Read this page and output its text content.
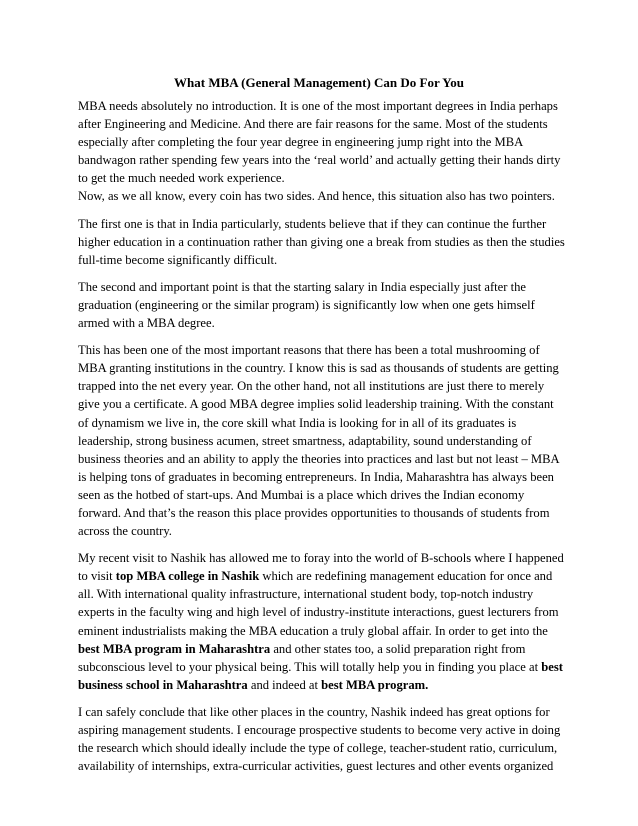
What MBA (General Management) Can Do For You
MBA needs absolutely no introduction. It is one of the most important degrees in India perhaps
after Engineering and Medicine. And there are fair reasons for the same. Most of the students
especially after completing the four year degree in engineering jump right into the MBA
bandwagon rather spending few years into the ‘real world’ and actually getting their hands dirty
to get the much needed work experience.
Now, as we all know, every coin has two sides. And hence, this situation also has two pointers.
The first one is that in India particularly, students believe that if they can continue the further
higher education in a continuation rather than giving one a break from studies as then the studies
full-time become significantly difficult.
The second and important point is that the starting salary in India especially just after the
graduation (engineering or the similar program) is significantly low when one gets himself
armed with a MBA degree.
This has been one of the most important reasons that there has been a total mushrooming of
MBA granting institutions in the country. I know this is sad as thousands of students are getting
trapped into the net every year. On the other hand, not all institutions are just there to merely
give you a certificate. A good MBA degree implies solid leadership training. With the constant
of dynamism we live in, the core skill what India is looking for in all of its graduates is
leadership, strong business acumen, street smartness, adaptability, sound understanding of
business theories and an ability to apply the theories into practices and last but not least – MBA
is helping tons of graduates in becoming entrepreneurs. In India, Maharashtra has always been
seen as the hotbed of start-ups. And Mumbai is a place which drives the Indian economy
forward. And that’s the reason this place provides opportunities to thousands of students from
across the country.
My recent visit to Nashik has allowed me to foray into the world of B-schools where I happened
to visit top MBA college in Nashik which are redefining management education for once and
all. With international quality infrastructure, international student body, top-notch industry
experts in the faculty wing and high level of industry-institute interactions, guest lecturers from
eminent industrialists making the MBA education a truly global affair. In order to get into the
best MBA program in Maharashtra and other states too, a solid preparation right from
subconscious level to your physical being. This will totally help you in finding you place at best
business school in Maharashtra and indeed at best MBA program.
I can safely conclude that like other places in the country, Nashik indeed has great options for
aspiring management students. I encourage prospective students to become very active in doing
the research which should ideally include the type of college, teacher-student ratio, curriculum,
availability of internships, extra-curricular activities, guest lectures and other events organized
